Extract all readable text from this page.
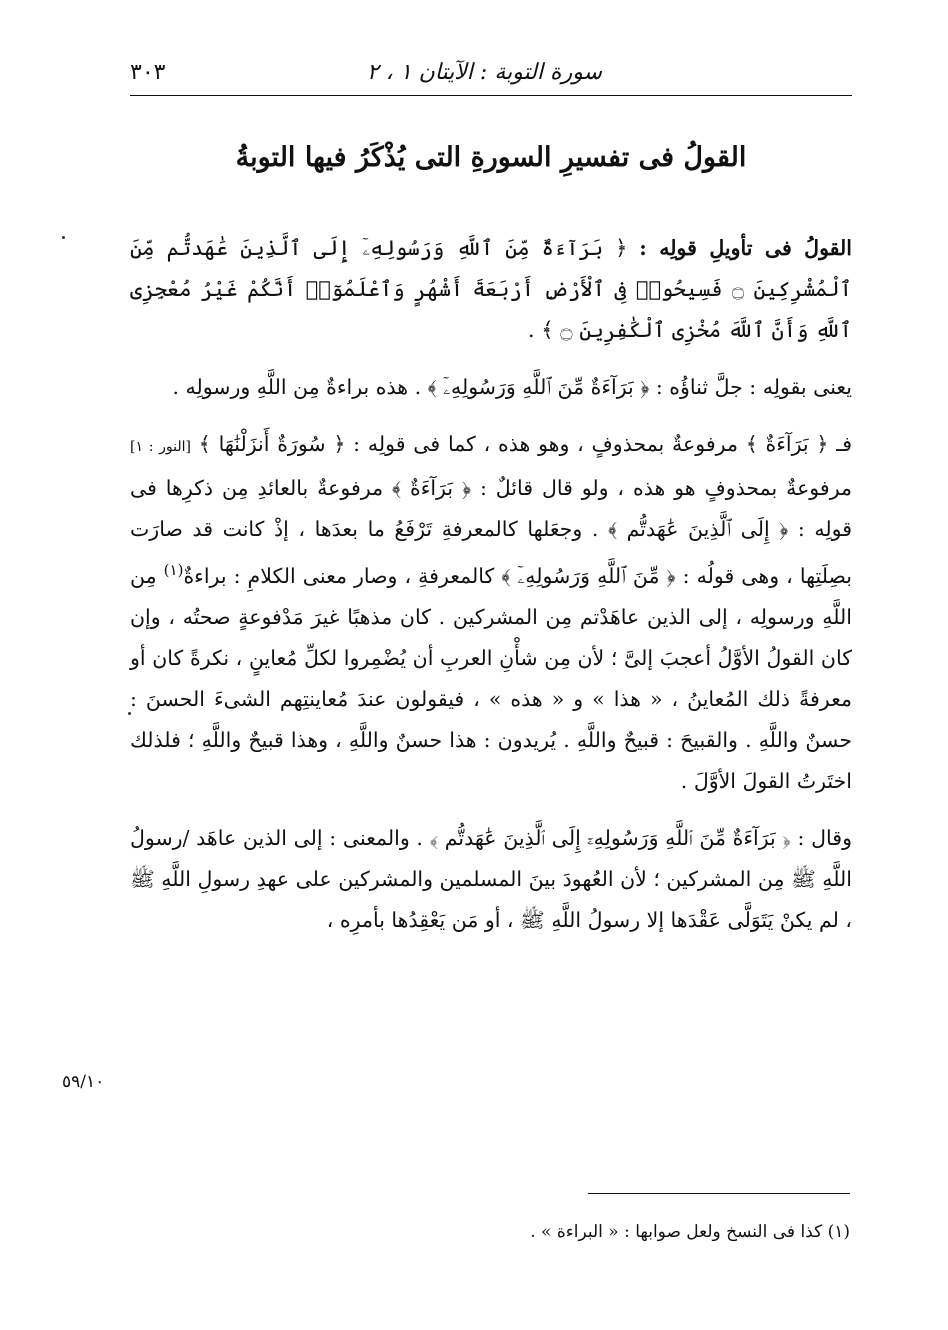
سورة التوبة : الآيتان ١ ، ٢
٣٠٣
القولُ فى تفسيرِ السورةِ التى يُذْكَرُ فيها التوبةُ

القولُ فى تأويلِ قولِه : ﴿ بَرَآءَةٌ مِّنَ ٱللَّهِ وَرَسُولِهِۦٓ إِلَى ٱلَّذِينَ عَٰهَدتُّم مِّنَ ٱلْمُشْرِكِينَ ۝ فَسِيحُوا۟ فِى ٱلْأَرْضِ أَرْبَعَةَ أَشْهُرٍ وَٱعْلَمُوٓا۟ أَنَّكُمْ غَيْرُ مُعْجِزِى ٱللَّهِ وَأَنَّ ٱللَّهَ مُخْزِى ٱلْكَٰفِرِينَ ۝ ﴾ .

يعنى بقولِه : جلَّ ثناؤُه : ﴿ بَرَآءَةٌ مِّنَ ٱللَّهِ وَرَسُولِهِۦٓ ﴾ . هذه براءةٌ مِن اللَّهِ ورسولِه .

فـ ﴿ بَرَآءَةٌ ﴾ مرفوعةٌ بمحذوفٍ ، وهو هذه ، كما فى قولِه : ﴿ سُورَةٌ أَنزَلْنَٰهَا ﴾ [النور : ١] مرفوعةٌ بمحذوفٍ هو هذه ، ولو قال قائلٌ : ﴿ بَرَآءَةٌ ﴾ مرفوعةٌ بالعائدِ مِن ذكرِها فى قولِه : ﴿ إِلَى ٱلَّذِينَ عَٰهَدتُّم ﴾ . وجعَلها كالمعرفةِ تَرْفَعُ ما بعدَها ، إذْ كانت قد صارَت بصِلَتِها ، وهى قولُه : ﴿ مِّنَ ٱللَّهِ وَرَسُولِهِۦٓ ﴾ كالمعرفةِ ، وصار معنى الكلامِ : براءةٌ$^{(١)}$ مِن اللَّهِ ورسولِه ، إلى الذين عاهَدْتم مِن المشركين . كان مذهبًا غيرَ مَدْفوعةٍ صحتُه ، وإن كان القولُ الأوَّلُ أعجبَ إلىَّ ؛ لأن مِن شأْنِ العربِ أن يُضْمِروا لكلِّ مُعاينٍ ، نكرةً كان أو معرفةً ذلك المُعاينُ ، « هذا » و « هذه » ، فيقولون عندَ مُعاينتِهم الشىءَ الحسنَ : حسنٌ واللَّهِ . والقبيحَ : قبيحٌ واللَّهِ . يُريدون : هذا حسنٌ واللَّهِ ، وهذا قبيحٌ واللَّهِ ؛ فلذلك اختَرتُ القولَ الأوَّلَ .

وقال : ﴿ بَرَآءَةٌ مِّنَ ٱللَّهِ وَرَسُولِهِۦٓ إِلَى ٱلَّذِينَ عَٰهَدتُّم ﴾ . والمعنى : إلى الذين عاهَد /رسولُ اللَّهِ ﷺ مِن المشركين ؛ لأن العُهودَ بينَ المسلمين والمشركين على عهدِ رسولِ اللَّهِ ﷺ ، لم يكنْ يَتَوَلَّى عَقْدَها إلا رسولُ اللَّهِ ﷺ ، أو مَن يَعْقِدُها بأمرِه ،

٥٩/١٠
(١) كذا فى النسخ ولعل صوابها : « البراءة » .
